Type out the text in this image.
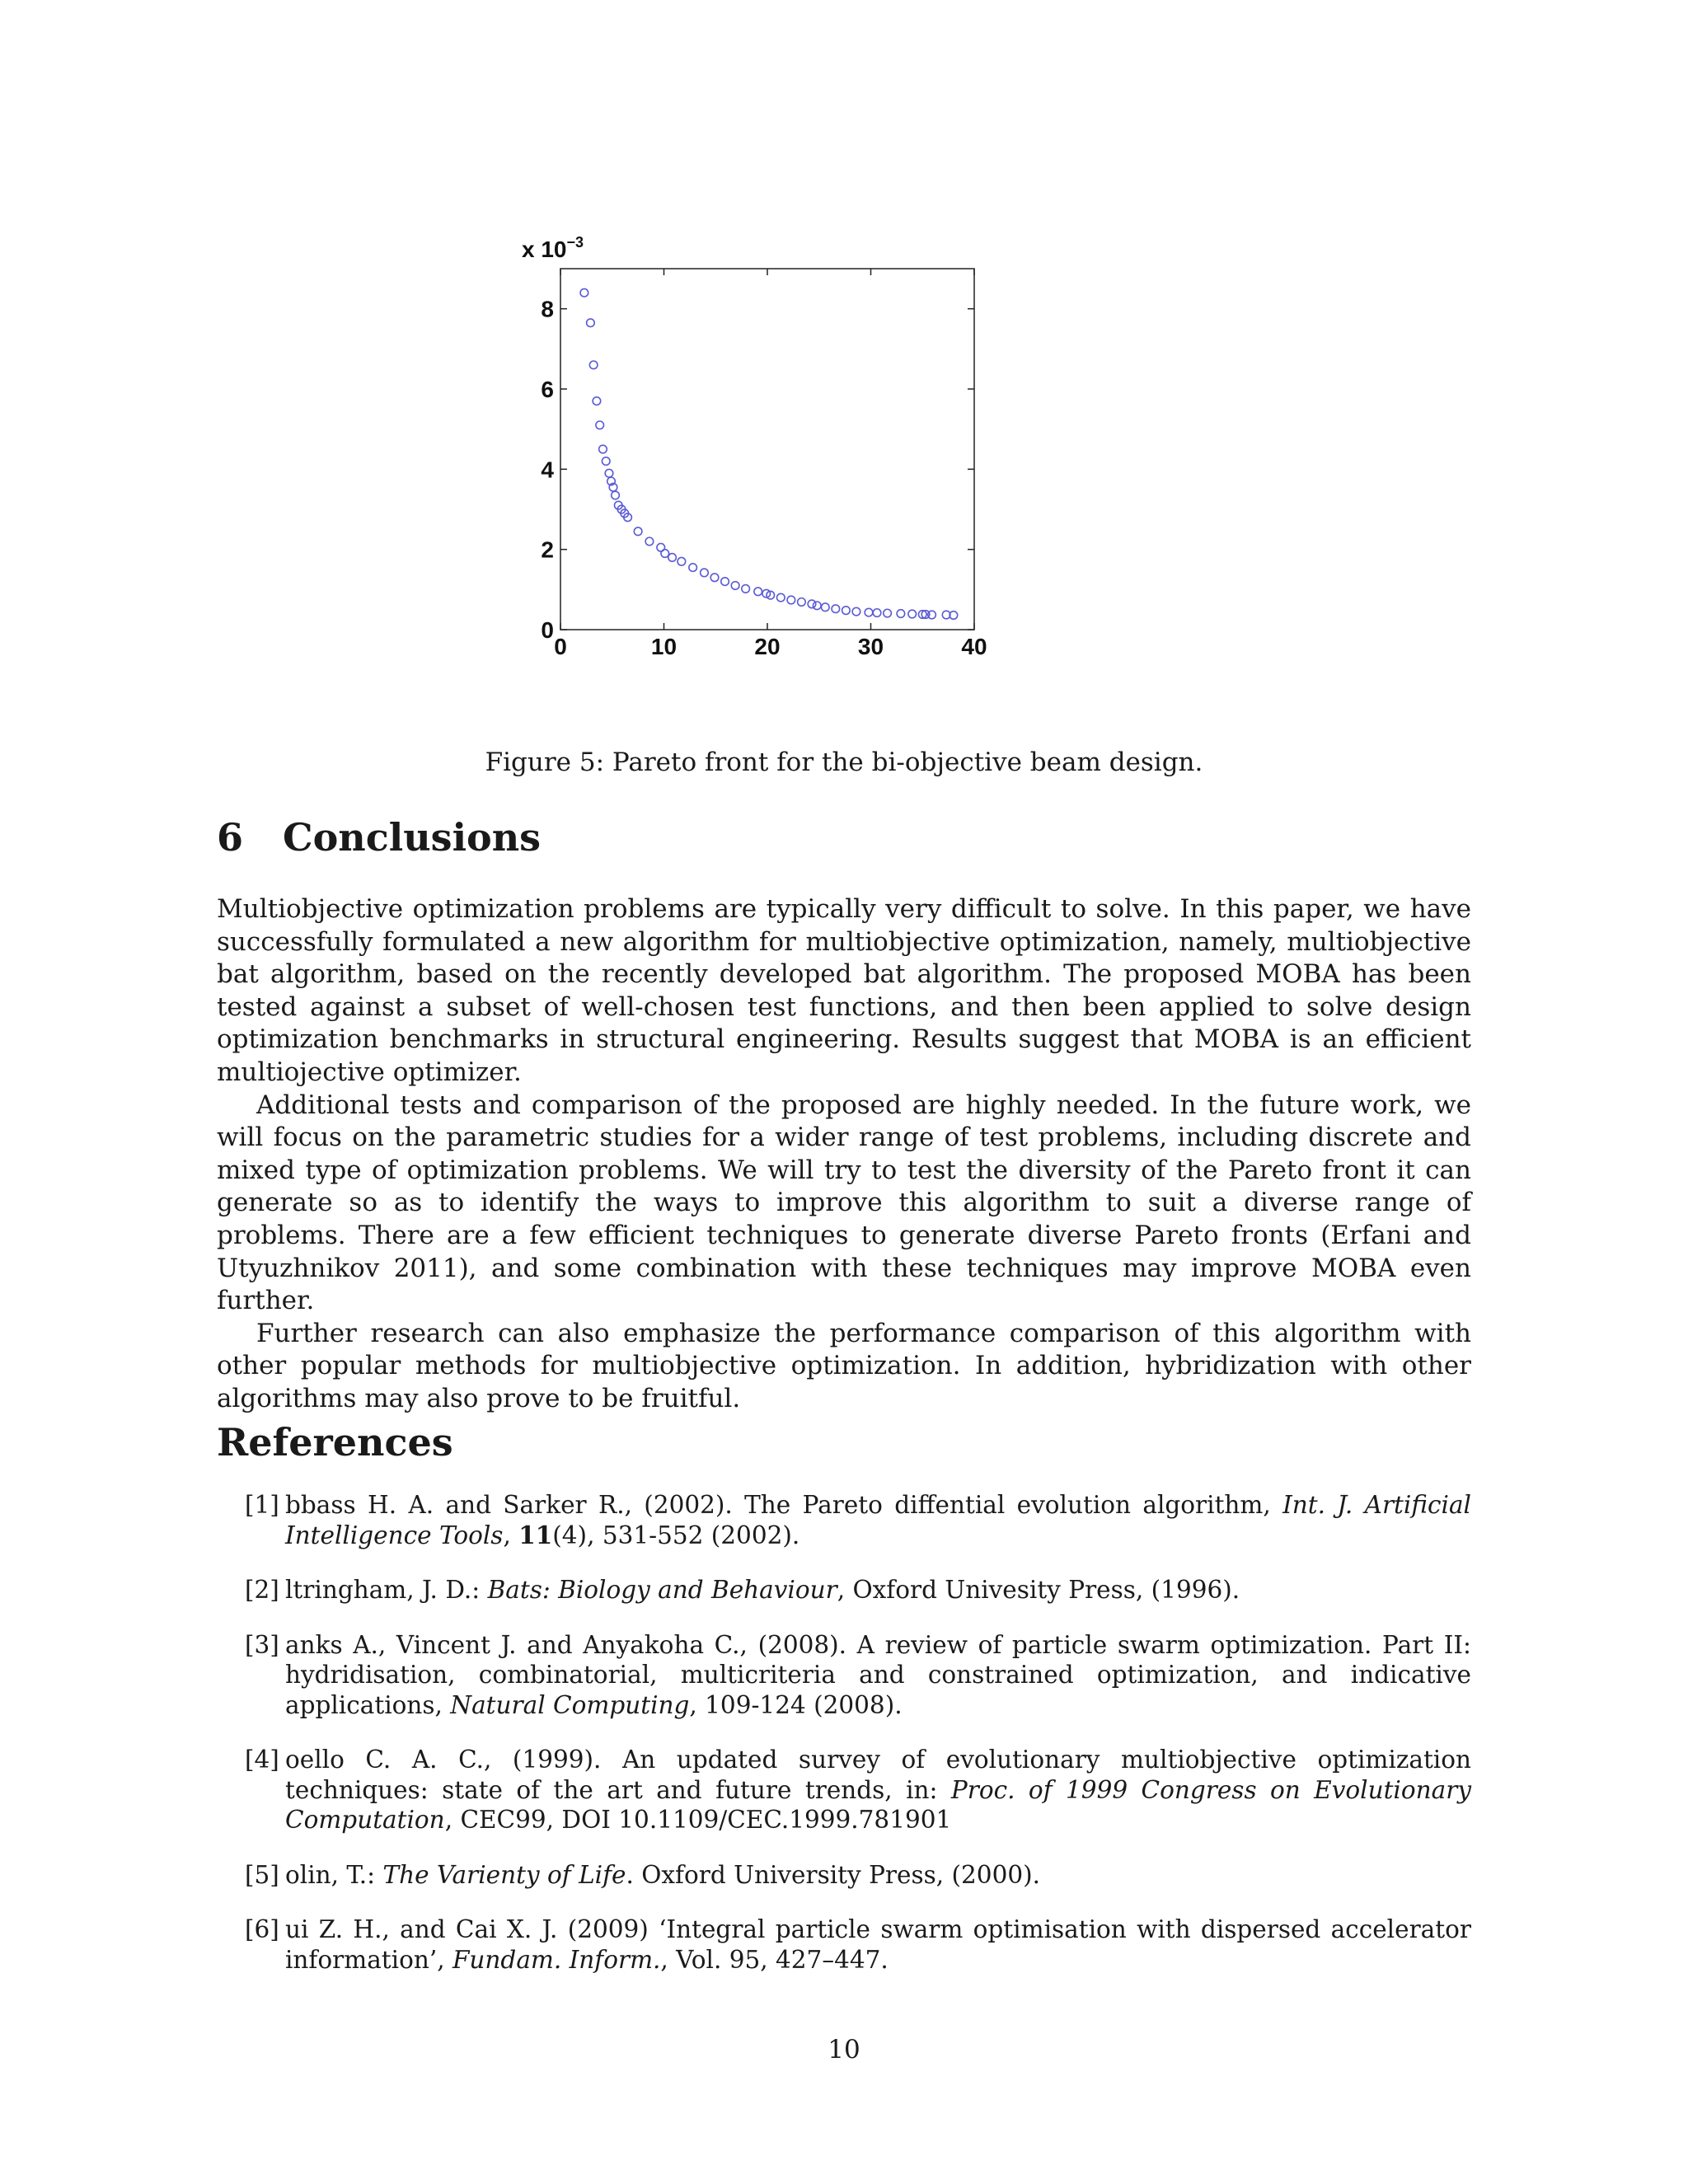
0	10	20	30	40
0
2
4
6
8
x $10^{-3}$
Figure 5: Pareto front for the bi-objective beam design.
6 Conclusions

Multiobjective optimization problems are typically very difficult to solve. In this paper, we have successfully formulated a new algorithm for multiobjective optimization, namely, multiobjective bat algorithm, based on the recently developed bat algorithm. The proposed MOBA has been tested against a subset of well-chosen test functions, and then been applied to solve design optimization benchmarks in structural engineering. Results suggest that MOBA is an efficient multiojective optimizer.

Additional tests and comparison of the proposed are highly needed. In the future work, we will focus on the parametric studies for a wider range of test problems, including discrete and mixed type of optimization problems. We will try to test the diversity of the Pareto front it can generate so as to identify the ways to improve this algorithm to suit a diverse range of problems. There are a few efficient techniques to generate diverse Pareto fronts (Erfani and Utyuzhnikov 2011), and some combination with these techniques may improve MOBA even further.

Further research can also emphasize the performance comparison of this algorithm with other popular methods for multiobjective optimization. In addition, hybridization with other algorithms may also prove to be fruitful.

References
[1] bbass H. A. and Sarker R., (2002). The Pareto diffential evolution algorithm, Int. J. Artificial Intelligence Tools, 11(4), 531-552 (2002).
[2] ltringham, J. D.: Bats: Biology and Behaviour, Oxford Univesity Press, (1996).
[3] anks A., Vincent J. and Anyakoha C., (2008). A review of particle swarm optimization. Part II: hydridisation, combinatorial, multicriteria and constrained optimization, and indicative applications, Natural Computing, 109-124 (2008).
[4] oello C. A. C., (1999). An updated survey of evolutionary multiobjective optimization techniques: state of the art and future trends, in: Proc. of 1999 Congress on Evolutionary Computation, CEC99, DOI 10.1109/CEC.1999.781901
[5] olin, T.: The Varienty of Life. Oxford University Press, (2000).
[6] ui Z. H., and Cai X. J. (2009) ‘Integral particle swarm optimisation with dispersed accelerator information’, Fundam. Inform., Vol. 95, 427–447.
10
